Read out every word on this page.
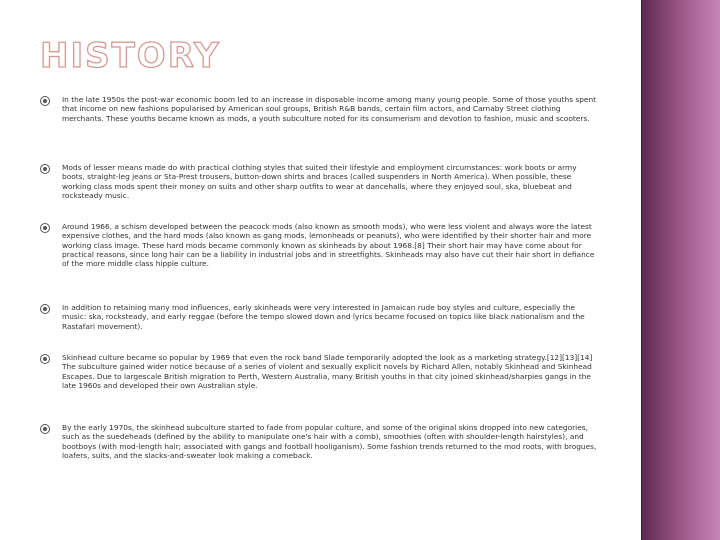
HISTORY
In the late 1950s the post-war economic boom led to an increase in disposable income among many young people. Some of those youths spent that income on new fashions popularised by American soul groups, British R&B bands, certain film actors, and Carnaby Street clothing merchants. These youths became known as mods, a youth subculture noted for its consumerism and devotion to fashion, music and scooters.
Mods of lesser means made do with practical clothing styles that suited their lifestyle and employment circumstances: work boots or army boots, straight-leg jeans or Sta-Prest trousers, button-down shirts and braces (called suspenders in North America). When possible, these working class mods spent their money on suits and other sharp outfits to wear at dancehalls, where they enjoyed soul, ska, bluebeat and rocksteady music.
Around 1966, a schism developed between the peacock mods (also known as smooth mods), who were less violent and always wore the latest expensive clothes, and the hard mods (also known as gang mods, lemonheads or peanuts), who were identified by their shorter hair and more working class image. These hard mods became commonly known as skinheads by about 1968.[8] Their short hair may have come about for practical reasons, since long hair can be a liability in industrial jobs and in streetfights. Skinheads may also have cut their hair short in defiance of the more middle class hippie culture.
In addition to retaining many mod influences, early skinheads were very interested in Jamaican rude boy styles and culture, especially the music: ska, rocksteady, and early reggae (before the tempo slowed down and lyrics became focused on topics like black nationalism and the Rastafari movement).
Skinhead culture became so popular by 1969 that even the rock band Slade temporarily adopted the look as a marketing strategy.[12][13][14] The subculture gained wider notice because of a series of violent and sexually explicit novels by Richard Allen, notably Skinhead and Skinhead Escapes. Due to largescale British migration to Perth, Western Australia, many British youths in that city joined skinhead/sharpies gangs in the late 1960s and developed their own Australian style.
By the early 1970s, the skinhead subculture started to fade from popular culture, and some of the original skins dropped into new categories, such as the suedeheads (defined by the ability to manipulate one's hair with a comb), smoothies (often with shoulder-length hairstyles), and bootboys (with mod-length hair; associated with gangs and football hooliganism). Some fashion trends returned to the mod roots, with brogues, loafers, suits, and the slacks-and-sweater look making a comeback.
